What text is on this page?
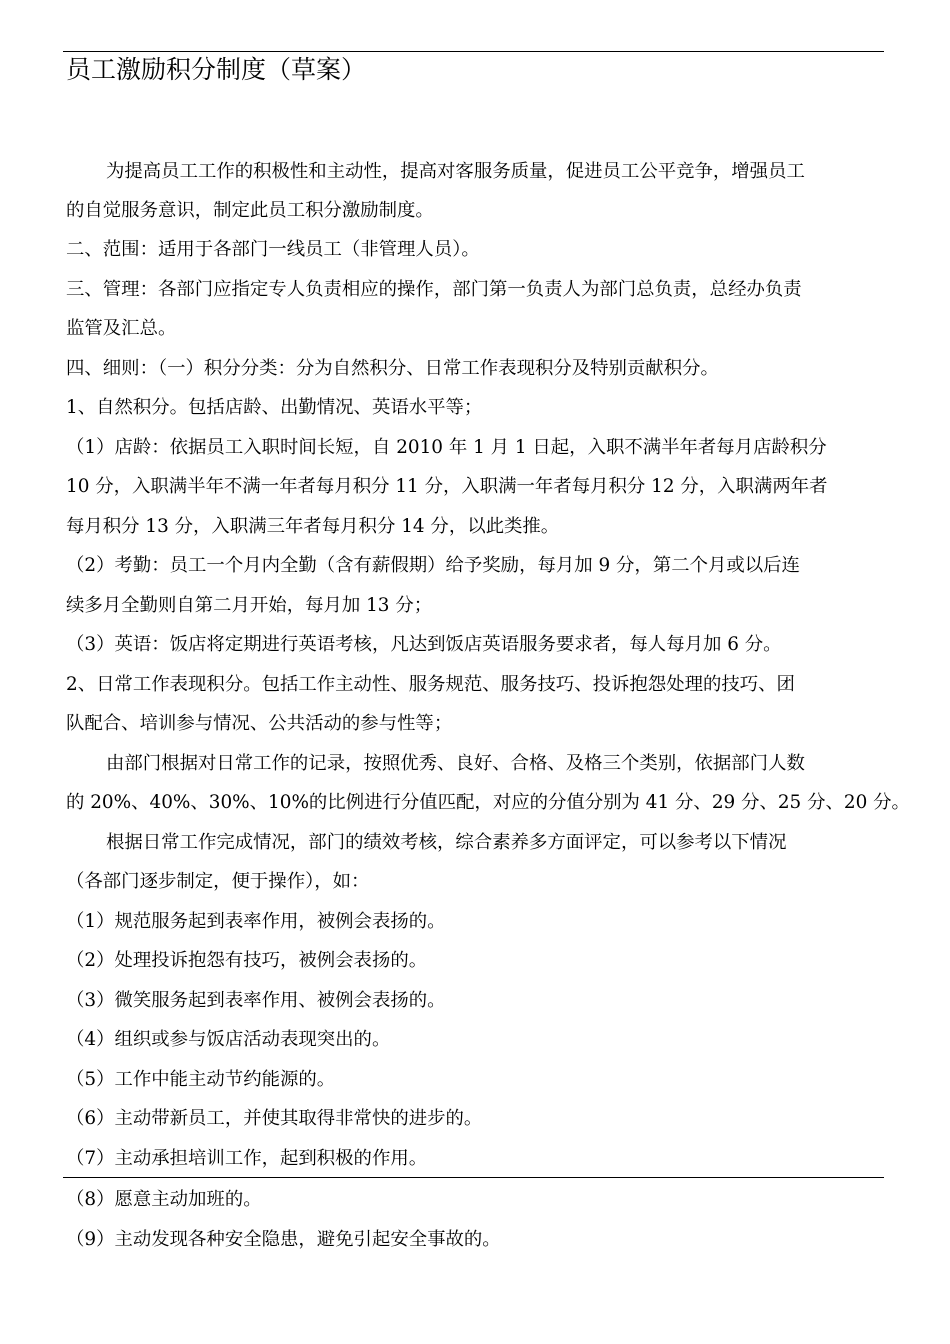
员工激励积分制度（草案）
为提高员工工作的积极性和主动性，提高对客服务质量，促进员工公平竞争，增强员工
的自觉服务意识，制定此员工积分激励制度。
二、范围：适用于各部门一线员工（非管理人员）。
三、管理：各部门应指定专人负责相应的操作，部门第一负责人为部门总负责，总经办负责
监管及汇总。
四、细则：（一）积分分类：分为自然积分、日常工作表现积分及特别贡献积分。
1、自然积分。包括店龄、出勤情况、英语水平等；
（1）店龄：依据员工入职时间长短，自 2010 年 1 月 1 日起，入职不满半年者每月店龄积分
10 分，入职满半年不满一年者每月积分 11 分，入职满一年者每月积分 12 分，入职满两年者
每月积分 13 分，入职满三年者每月积分 14 分，以此类推。
（2）考勤：员工一个月内全勤（含有薪假期）给予奖励，每月加 9 分，第二个月或以后连
续多月全勤则自第二月开始，每月加 13 分；
（3）英语：饭店将定期进行英语考核，凡达到饭店英语服务要求者，每人每月加 6 分。
2、日常工作表现积分。包括工作主动性、服务规范、服务技巧、投诉抱怨处理的技巧、团
队配合、培训参与情况、公共活动的参与性等；
由部门根据对日常工作的记录，按照优秀、良好、合格、及格三个类别，依据部门人数
的 20%、40%、30%、10%的比例进行分值匹配，对应的分值分别为 41 分、29 分、25 分、20 分。
根据日常工作完成情况，部门的绩效考核，综合素养多方面评定，可以参考以下情况
（各部门逐步制定，便于操作），如：
（1）规范服务起到表率作用，被例会表扬的。
（2）处理投诉抱怨有技巧，被例会表扬的。
（3）微笑服务起到表率作用、被例会表扬的。
（4）组织或参与饭店活动表现突出的。
（5）工作中能主动节约能源的。
（6）主动带新员工，并使其取得非常快的进步的。
（7）主动承担培训工作，起到积极的作用。
（8）愿意主动加班的。
（9）主动发现各种安全隐患，避免引起安全事故的。
